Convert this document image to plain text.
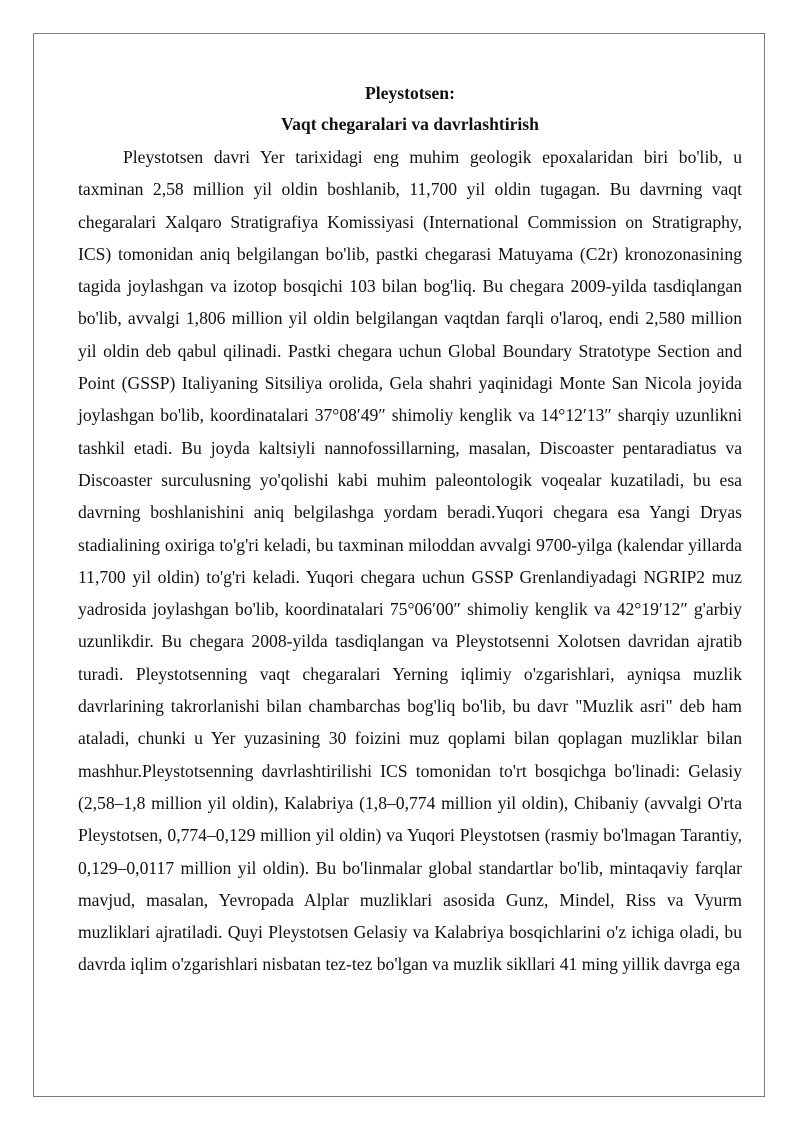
Pleystotsen:

Vaqt chegaralari va davrlashtirish

Pleystotsen davri Yer tarixidagi eng muhim geologik epoxalaridan biri bo'lib, u taxminan 2,58 million yil oldin boshlanib, 11,700 yil oldin tugagan. Bu davrning vaqt chegaralari Xalqaro Stratigrafiya Komissiyasi (International Commission on Stratigraphy, ICS) tomonidan aniq belgilangan bo'lib, pastki chegarasi Matuyama (C2r) kronozonasining tagida joylashgan va izotop bosqichi 103 bilan bog'liq. Bu chegara 2009-yilda tasdiqlangan bo'lib, avvalgi 1,806 million yil oldin belgilangan vaqtdan farqli o'laroq, endi 2,580 million yil oldin deb qabul qilinadi. Pastki chegara uchun Global Boundary Stratotype Section and Point (GSSP) Italiyaning Sitsiliya orolida, Gela shahri yaqinidagi Monte San Nicola joyida joylashgan bo'lib, koordinatalari 37°08′49″ shimoliy kenglik va 14°12′13″ sharqiy uzunlikni tashkil etadi. Bu joyda kaltsiyli nannofossillarning, masalan, Discoaster pentaradiatus va Discoaster surculusning yo'qolishi kabi muhim paleontologik voqealar kuzatiladi, bu esa davrning boshlanishini aniq belgilashga yordam beradi.Yuqori chegara esa Yangi Dryas stadialining oxiriga to'g'ri keladi, bu taxminan miloddan avvalgi 9700-yilga (kalendar yillarda 11,700 yil oldin) to'g'ri keladi. Yuqori chegara uchun GSSP Grenlandiyadagi NGRIP2 muz yadrosida joylashgan bo'lib, koordinatalari 75°06′00″ shimoliy kenglik va 42°19′12″ g'arbiy uzunlikdir. Bu chegara 2008-yilda tasdiqlangan va Pleystotsenni Xolotsen davridan ajratib turadi. Pleystotsenning vaqt chegaralari Yerning iqlimiy o'zgarishlari, ayniqsa muzlik davrlarining takrorlanishi bilan chambarchas bog'liq bo'lib, bu davr "Muzlik asri" deb ham ataladi, chunki u Yer yuzasining 30 foizini muz qoplami bilan qoplagan muzliklar bilan mashhur.Pleystotsenning davrlashtirilishi ICS tomonidan to'rt bosqichga bo'linadi: Gelasiy (2,58–1,8 million yil oldin), Kalabriya (1,8–0,774 million yil oldin), Chibaniy (avvalgi O'rta Pleystotsen, 0,774–0,129 million yil oldin) va Yuqori Pleystotsen (rasmiy bo'lmagan Tarantiy, 0,129–0,0117 million yil oldin). Bu bo'linmalar global standartlar bo'lib, mintaqaviy farqlar mavjud, masalan, Yevropada Alplar muzliklari asosida Gunz, Mindel, Riss va Vyurm muzliklari ajratiladi. Quyi Pleystotsen Gelasiy va Kalabriya bosqichlarini o'z ichiga oladi, bu davrda iqlim o'zgarishlari nisbatan tez-tez bo'lgan va muzlik sikllari 41 ming yillik davrga ega
